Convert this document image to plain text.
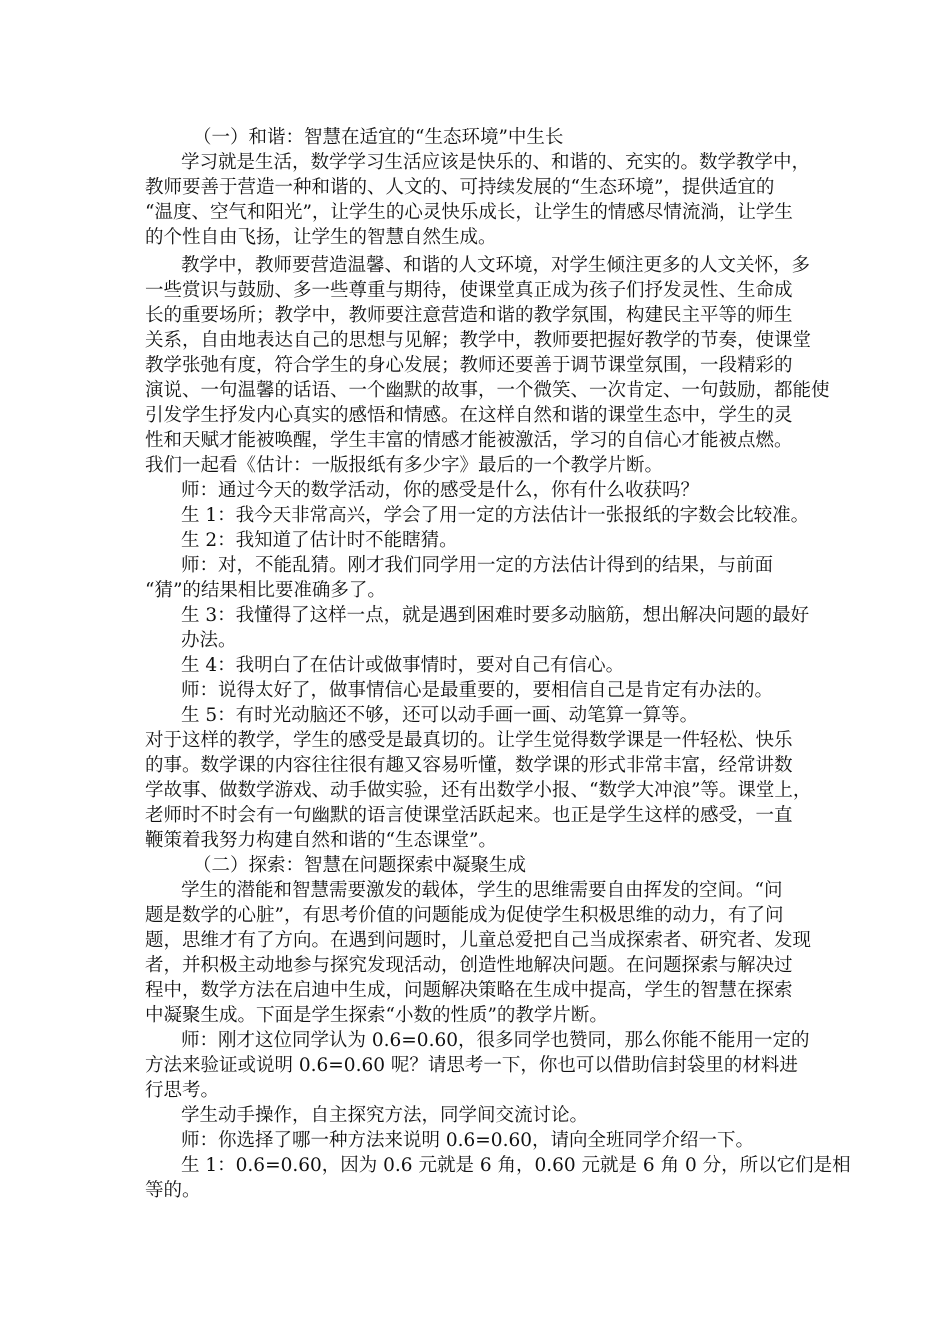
（一）和谐：智慧在适宜的“生态环境”中生长
学习就是生活，数学学习生活应该是快乐的、和谐的、充实的。数学教学中，
教师要善于营造一种和谐的、人文的、可持续发展的“生态环境”，提供适宜的
“温度、空气和阳光”，让学生的心灵快乐成长，让学生的情感尽情流淌，让学生
的个性自由飞扬，让学生的智慧自然生成。
教学中，教师要营造温馨、和谐的人文环境，对学生倾注更多的人文关怀，多
一些赏识与鼓励、多一些尊重与期待，使课堂真正成为孩子们抒发灵性、生命成
长的重要场所；教学中，教师要注意营造和谐的教学氛围，构建民主平等的师生
关系，自由地表达自己的思想与见解；教学中，教师要把握好教学的节奏，使课堂
教学张弛有度，符合学生的身心发展；教师还要善于调节课堂氛围，一段精彩的
演说、一句温馨的话语、一个幽默的故事，一个微笑、一次肯定、一句鼓励，都能使
引发学生抒发内心真实的感悟和情感。在这样自然和谐的课堂生态中，学生的灵
性和天赋才能被唤醒，学生丰富的情感才能被激活，学习的自信心才能被点燃。
我们一起看《估计：一版报纸有多少字》最后的一个教学片断。
师：通过今天的数学活动，你的感受是什么，你有什么收获吗？
生 1：我今天非常高兴，学会了用一定的方法估计一张报纸的字数会比较准。
生 2：我知道了估计时不能瞎猜。
师：对，不能乱猜。刚才我们同学用一定的方法估计得到的结果，与前面
“猜”的结果相比要准确多了。
生 3：我懂得了这样一点，就是遇到困难时要多动脑筋，想出解决问题的最好
办法。
生 4：我明白了在估计或做事情时，要对自己有信心。
师：说得太好了，做事情信心是最重要的，要相信自己是肯定有办法的。
生 5：有时光动脑还不够，还可以动手画一画、动笔算一算等。
对于这样的教学，学生的感受是最真切的。让学生觉得数学课是一件轻松、快乐
的事。数学课的内容往往很有趣又容易听懂，数学课的形式非常丰富，经常讲数
学故事、做数学游戏、动手做实验，还有出数学小报、“数学大冲浪”等。课堂上，
老师时不时会有一句幽默的语言使课堂活跃起来。也正是学生这样的感受，一直
鞭策着我努力构建自然和谐的“生态课堂”。
（二）探索：智慧在问题探索中凝聚生成
学生的潜能和智慧需要激发的载体，学生的思维需要自由挥发的空间。“问
题是数学的心脏”，有思考价值的问题能成为促使学生积极思维的动力，有了问
题，思维才有了方向。在遇到问题时，儿童总爱把自己当成探索者、研究者、发现
者，并积极主动地参与探究发现活动，创造性地解决问题。在问题探索与解决过
程中，数学方法在启迪中生成，问题解决策略在生成中提高，学生的智慧在探索
中凝聚生成。下面是学生探索“小数的性质”的教学片断。
师：刚才这位同学认为 0.6=0.60，很多同学也赞同，那么你能不能用一定的
方法来验证或说明 0.6=0.60 呢？请思考一下，你也可以借助信封袋里的材料进
行思考。
学生动手操作，自主探究方法，同学间交流讨论。
师：你选择了哪一种方法来说明 0.6=0.60，请向全班同学介绍一下。
生 1：0.6=0.60，因为 0.6 元就是 6 角，0.60 元就是 6 角 0 分，所以它们是相
等的。
